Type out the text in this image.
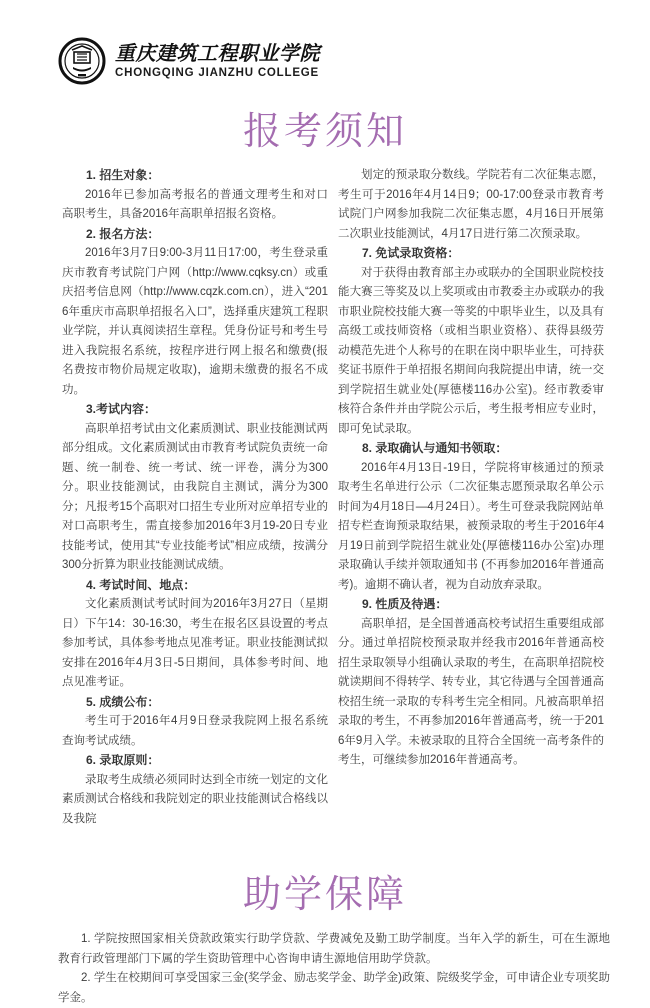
重庆建筑工程职业学院
CHONGQING JIANZHU COLLEGE
报考须知

1. 招生对象：

2016年已参加高考报名的普通文理考生和对口高职考生，具备2016年高职单招报名资格。

2. 报名方法：

2016年3月7日9:00-3月11日17:00，考生登录重庆市教育考试院门户网（http://www.cqksy.cn）或重庆招考信息网（http://www.cqzk.com.cn），进入“2016年重庆市高职单招报名入口”，选择重庆建筑工程职业学院，并认真阅读招生章程。凭身份证号和考生号进入我院报名系统，按程序进行网上报名和缴费(报名费按市物价局规定收取)，逾期未缴费的报名不成功。

3.考试内容：

高职单招考试由文化素质测试、职业技能测试两部分组成。文化素质测试由市教育考试院负责统一命题、统一制卷、统一考试、统一评卷，满分为300分。职业技能测试，由我院自主测试，满分为300分；凡报考15个高职对口招生专业所对应单招专业的对口高职考生，需直接参加2016年3月19-20日专业技能考试，使用其“专业技能考试”相应成绩，按满分300分折算为职业技能测试成绩。

4. 考试时间、地点：

文化素质测试考试时间为2016年3月27日（星期日）下午14：30-16:30，考生在报名区县设置的考点参加考试，具体参考地点见准考证。职业技能测试拟安排在2016年4月3日-5日期间，具体参考时间、地点见准考证。

5. 成绩公布：

考生可于2016年4月9日登录我院网上报名系统查询考试成绩。

6. 录取原则：

录取考生成绩必须同时达到全市统一划定的文化素质测试合格线和我院划定的职业技能测试合格线以及我院

划定的预录取分数线。学院若有二次征集志愿，考生可于2016年4月14日9；00-17:00登录市教育考试院门户网参加我院二次征集志愿，4月16日开展第二次职业技能测试，4月17日进行第二次预录取。

7. 免试录取资格：

对于获得由教育部主办或联办的全国职业院校技能大赛三等奖及以上奖项或由市教委主办或联办的我市职业院校技能大赛一等奖的中职毕业生，以及具有高级工或技师资格（或相当职业资格）、获得县级劳动模范先进个人称号的在职在岗中职毕业生，可持获奖证书原件于单招报名期间向我院提出申请，统一交到学院招生就业处(厚德楼116办公室)。经市教委审核符合条件并由学院公示后，考生报考相应专业时，即可免试录取。

8. 录取确认与通知书领取：

2016年4月13日-19日，学院将审核通过的预录取考生名单进行公示（二次征集志愿预录取名单公示时间为4月18日—4月24日）。考生可登录我院网站单招专栏查询预录取结果，被预录取的考生于2016年4月19日前到学院招生就业处(厚德楼116办公室)办理录取确认手续并领取通知书 (不再参加2016年普通高考)。逾期不确认者，视为自动放弃录取。

9. 性质及待遇：

高职单招，是全国普通高校考试招生重要组成部分。通过单招院校预录取并经我市2016年普通高校招生录取领导小组确认录取的考生，在高职单招院校就读期间不得转学、转专业，其它待遇与全国普通高校招生统一录取的专科考生完全相同。凡被高职单招录取的考生，不再参加2016年普通高考，统一于2016年9月入学。未被录取的且符合全国统一高考条件的考生，可继续参加2016年普通高考。

助学保障

1. 学院按照国家相关贷款政策实行助学贷款、学费减免及勤工助学制度。当年入学的新生，可在生源地教育行政管理部门下属的学生资助管理中心咨询申请生源地信用助学贷款。

2. 学生在校期间可享受国家三金(奖学金、励志奖学金、助学金)政策、院级奖学金，可申请企业专项奖助学金。
